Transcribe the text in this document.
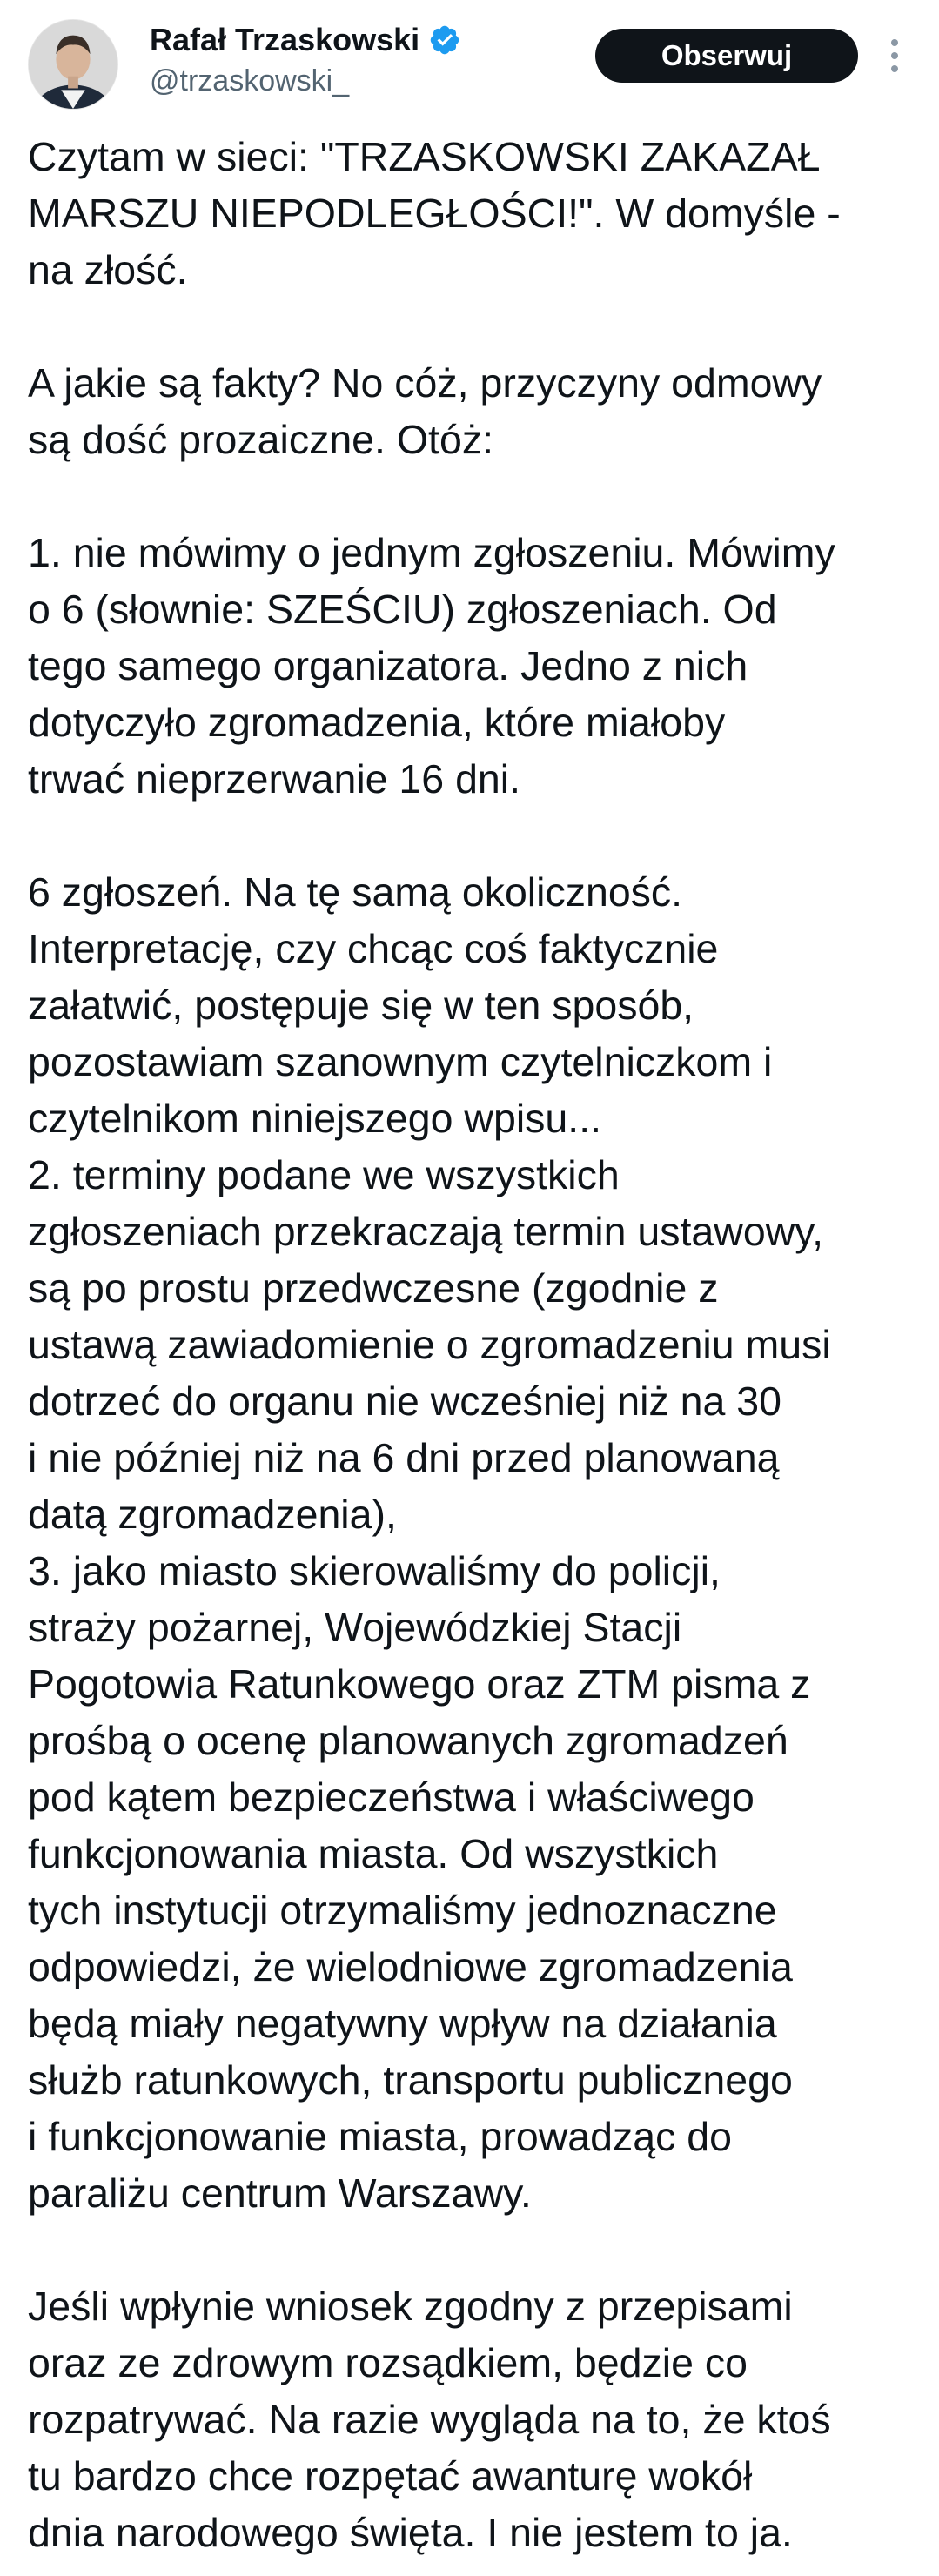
Rafał Trzaskowski
@trzaskowski_
Obserwuj
Czytam w sieci: "TRZASKOWSKI ZAKAZAŁ
MARSZU NIEPODLEGŁOŚCI!". W domyśle -
na złość.
A jakie są fakty? No cóż, przyczyny odmowy
są dość prozaiczne. Otóż:
1. nie mówimy o jednym zgłoszeniu. Mówimy
o 6 (słownie: SZEŚCIU) zgłoszeniach. Od
tego samego organizatora. Jedno z nich
dotyczyło zgromadzenia, które miałoby
trwać nieprzerwanie 16 dni.
6 zgłoszeń. Na tę samą okoliczność.
Interpretację, czy chcąc coś faktycznie
załatwić, postępuje się w ten sposób,
pozostawiam szanownym czytelniczkom i
czytelnikom niniejszego wpisu...
2. terminy podane we wszystkich
zgłoszeniach przekraczają termin ustawowy,
są po prostu przedwczesne (zgodnie z
ustawą zawiadomienie o zgromadzeniu musi
dotrzeć do organu nie wcześniej niż na 30
i nie później niż na 6 dni przed planowaną
datą zgromadzenia),
3. jako miasto skierowaliśmy do policji,
straży pożarnej, Wojewódzkiej Stacji
Pogotowia Ratunkowego oraz ZTM pisma z
prośbą o ocenę planowanych zgromadzeń
pod kątem bezpieczeństwa i właściwego
funkcjonowania miasta. Od wszystkich
tych instytucji otrzymaliśmy jednoznaczne
odpowiedzi, że wielodniowe zgromadzenia
będą miały negatywny wpływ na działania
służb ratunkowych, transportu publicznego
i funkcjonowanie miasta, prowadząc do
paraliżu centrum Warszawy.
Jeśli wpłynie wniosek zgodny z przepisami
oraz ze zdrowym rozsądkiem, będzie co
rozpatrywać. Na razie wygląda na to, że ktoś
tu bardzo chce rozpętać awanturę wokół
dnia narodowego święta. I nie jestem to ja.
